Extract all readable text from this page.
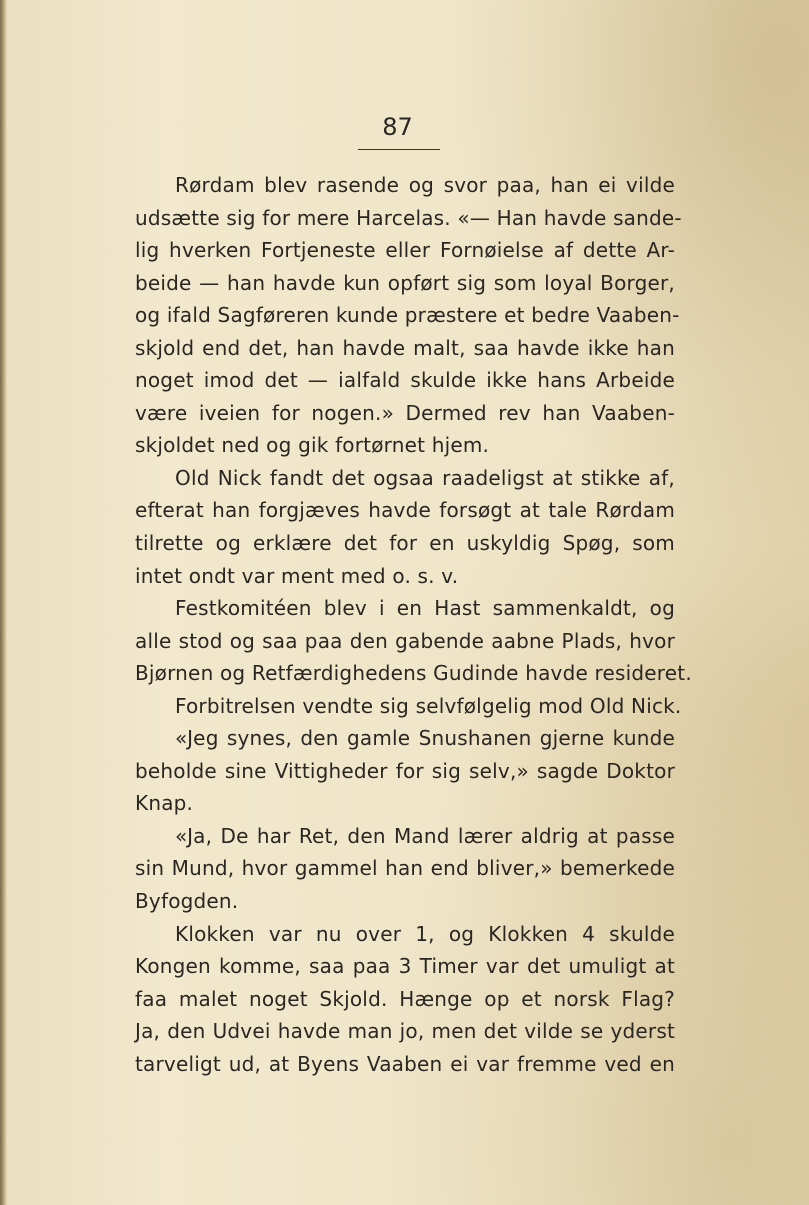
87
Rørdam blev rasende og svor paa, han ei vilde
udsætte sig for mere Harcelas. «— Han havde sande-
lig hverken Fortjeneste eller Fornøielse af dette Ar-
beide — han havde kun opført sig som loyal Borger,
og ifald Sagføreren kunde præstere et bedre Vaaben-
skjold end det, han havde malt, saa havde ikke han
noget imod det — ialfald skulde ikke hans Arbeide
være iveien for nogen.» Dermed rev han Vaaben-
skjoldet ned og gik fortørnet hjem.
Old Nick fandt det ogsaa raadeligst at stikke af,
efterat han forgjæves havde forsøgt at tale Rørdam
tilrette og erklære det for en uskyldig Spøg, som
intet ondt var ment med o. s. v.
Festkomitéen blev i en Hast sammenkaldt, og
alle stod og saa paa den gabende aabne Plads, hvor
Bjørnen og Retfærdighedens Gudinde havde resideret.
Forbitrelsen vendte sig selvfølgelig mod Old Nick.
«Jeg synes, den gamle Snushanen gjerne kunde
beholde sine Vittigheder for sig selv,» sagde Doktor
Knap.
«Ja, De har Ret, den Mand lærer aldrig at passe
sin Mund, hvor gammel han end bliver,» bemerkede
Byfogden.
Klokken var nu over 1, og Klokken 4 skulde
Kongen komme, saa paa 3 Timer var det umuligt at
faa malet noget Skjold. Hænge op et norsk Flag?
Ja, den Udvei havde man jo, men det vilde se yderst
tarveligt ud, at Byens Vaaben ei var fremme ved en
